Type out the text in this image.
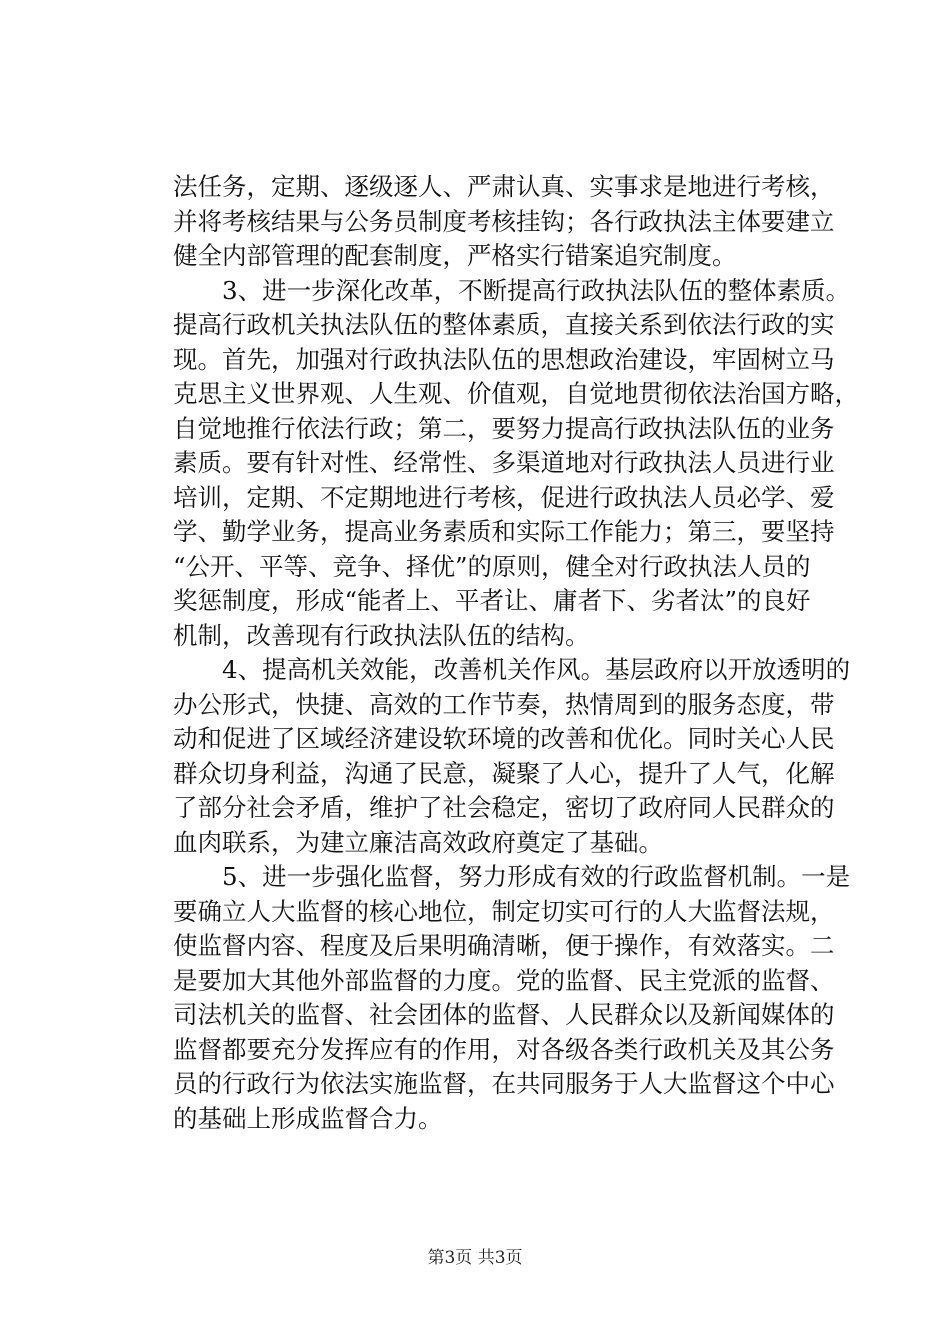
法任务，定期、逐级逐人、严肃认真、实事求是地进行考核，
并将考核结果与公务员制度考核挂钩；各行政执法主体要建立
健全内部管理的配套制度，严格实行错案追究制度。
3、进一步深化改革，不断提高行政执法队伍的整体素质。
提高行政机关执法队伍的整体素质，直接关系到依法行政的实
现。首先，加强对行政执法队伍的思想政治建设，牢固树立马
克思主义世界观、人生观、价值观，自觉地贯彻依法治国方略，
自觉地推行依法行政；第二，要努力提高行政执法队伍的业务
素质。要有针对性、经常性、多渠道地对行政执法人员进行业
培训，定期、不定期地进行考核，促进行政执法人员必学、爱
学、勤学业务，提高业务素质和实际工作能力；第三，要坚持
“公开、平等、竞争、择优”的原则，健全对行政执法人员的
奖惩制度，形成“能者上、平者让、庸者下、劣者汰”的良好
机制，改善现有行政执法队伍的结构。
4、提高机关效能，改善机关作风。基层政府以开放透明的
办公形式，快捷、高效的工作节奏，热情周到的服务态度，带
动和促进了区域经济建设软环境的改善和优化。同时关心人民
群众切身利益，沟通了民意，凝聚了人心，提升了人气，化解
了部分社会矛盾，维护了社会稳定，密切了政府同人民群众的
血肉联系，为建立廉洁高效政府奠定了基础。
5、进一步强化监督，努力形成有效的行政监督机制。一是
要确立人大监督的核心地位，制定切实可行的人大监督法规，
使监督内容、程度及后果明确清晰，便于操作，有效落实。二
是要加大其他外部监督的力度。党的监督、民主党派的监督、
司法机关的监督、社会团体的监督、人民群众以及新闻媒体的
监督都要充分发挥应有的作用，对各级各类行政机关及其公务
员的行政行为依法实施监督，在共同服务于人大监督这个中心
的基础上形成监督合力。
第3页 共3页
